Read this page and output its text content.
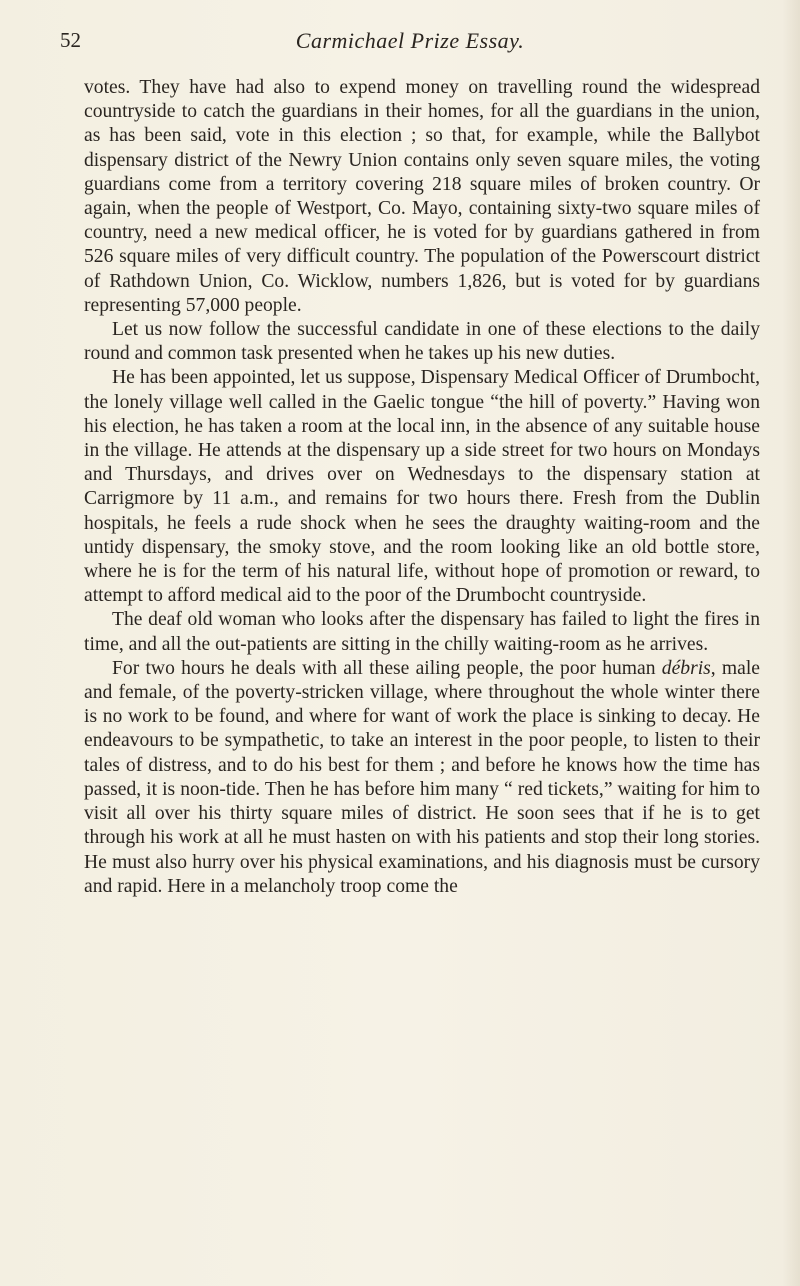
52	Carmichael Prize Essay.

votes. They have had also to expend money on travelling round the widespread countryside to catch the guardians in their homes, for all the guardians in the union, as has been said, vote in this election ; so that, for example, while the Ballybot dispensary district of the Newry Union contains only seven square miles, the voting guardians come from a territory covering 218 square miles of broken country. Or again, when the people of Westport, Co. Mayo, containing sixty-two square miles of country, need a new medical officer, he is voted for by guardians gathered in from 526 square miles of very difficult country. The population of the Powerscourt district of Rathdown Union, Co. Wicklow, numbers 1,826, but is voted for by guardians representing 57,000 people.

Let us now follow the successful candidate in one of these elections to the daily round and common task presented when he takes up his new duties.

He has been appointed, let us suppose, Dispensary Medical Officer of Drumbocht, the lonely village well called in the Gaelic tongue “the hill of poverty.” Having won his election, he has taken a room at the local inn, in the absence of any suitable house in the village. He attends at the dispensary up a side street for two hours on Mondays and Thursdays, and drives over on Wednesdays to the dispensary station at Carrigmore by 11 a.m., and remains for two hours there. Fresh from the Dublin hospitals, he feels a rude shock when he sees the draughty waiting-room and the untidy dispensary, the smoky stove, and the room looking like an old bottle store, where he is for the term of his natural life, without hope of promotion or reward, to attempt to afford medical aid to the poor of the Drumbocht countryside.

The deaf old woman who looks after the dispensary has failed to light the fires in time, and all the out-patients are sitting in the chilly waiting-room as he arrives.

For two hours he deals with all these ailing people, the poor human débris, male and female, of the poverty-stricken village, where throughout the whole winter there is no work to be found, and where for want of work the place is sinking to decay. He endeavours to be sympathetic, to take an interest in the poor people, to listen to their tales of distress, and to do his best for them ; and before he knows how the time has passed, it is noon-tide. Then he has before him many “ red tickets,” waiting for him to visit all over his thirty square miles of district. He soon sees that if he is to get through his work at all he must hasten on with his patients and stop their long stories. He must also hurry over his physical examinations, and his diagnosis must be cursory and rapid. Here in a melancholy troop come the
